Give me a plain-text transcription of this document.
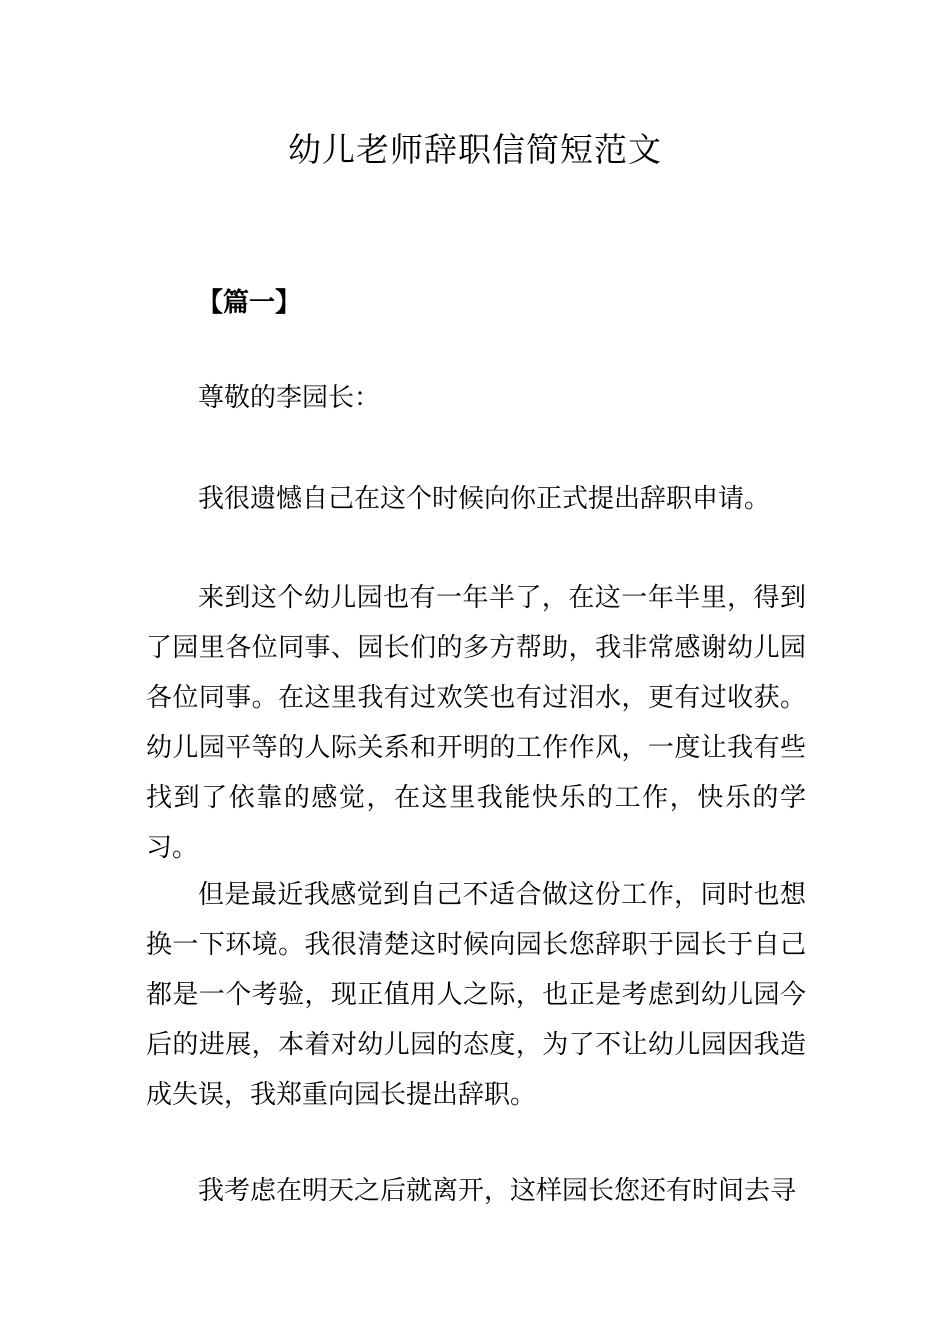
幼儿老师辞职信简短范文
【篇一】
尊敬的李园长：
我很遗憾自己在这个时候向你正式提出辞职申请。
来到这个幼儿园也有一年半了，在这一年半里，得到了园里各位同事、园长们的多方帮助，我非常感谢幼儿园各位同事。在这里我有过欢笑也有过泪水，更有过收获。幼儿园平等的人际关系和开明的工作作风，一度让我有些找到了依靠的感觉，在这里我能快乐的工作，快乐的学习。
但是最近我感觉到自己不适合做这份工作，同时也想换一下环境。我很清楚这时候向园长您辞职于园长于自己都是一个考验，现正值用人之际，也正是考虑到幼儿园今后的进展，本着对幼儿园的态度，为了不让幼儿园因我造成失误，我郑重向园长提出辞职。
我考虑在明天之后就离开，这样园长您还有时间去寻
